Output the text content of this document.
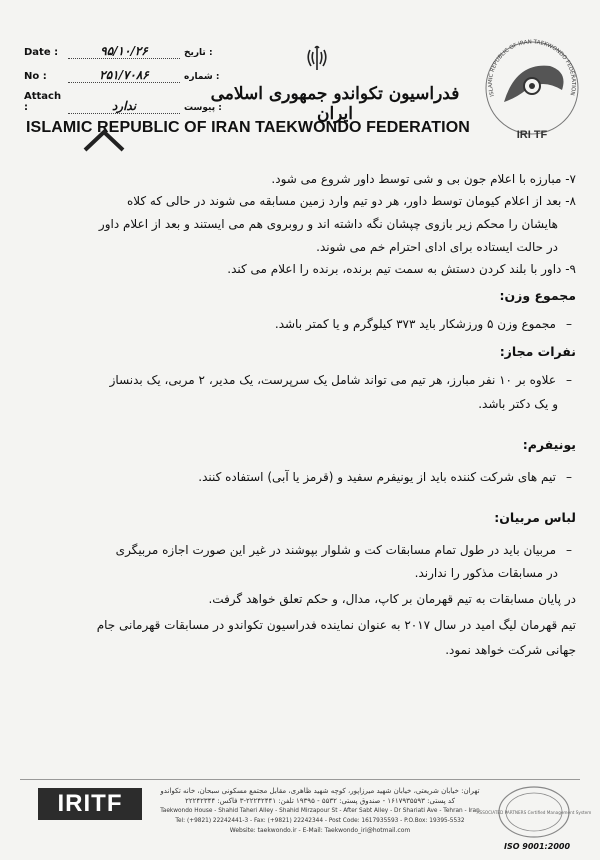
Date :	۹۵/۱۰/۲۶	تاریخ :
No :	۲۵۱/۷۰۸۶	شماره :
Attach :	ندارد	پیوست :
فدراسیون تکواندو جمهوری اسلامی ایران
ISLAMIC REPUBLIC OF IRAN TAEKWONDO FEDERATION
ISLAMIC REPUBLIC OF IRAN TAEKWONDO FEDERATION
IRI TF

۷- مبارزه با اعلام جون بی و شی توسط داور شروع می شود.

۸- بعد از اعلام کیومان توسط داور، هر دو تیم وارد زمین مسابقه می شوند در حالی که کلاه

هایشان را محکم زیر بازوی چپشان نگه داشته اند و روبروی هم می ایستند و بعد از اعلام داور

در حالت ایستاده برای ادای احترام خم می شوند.

۹- داور با بلند کردن دستش به سمت تیم برنده، برنده را اعلام می کند.

مجموع وزن:

– مجموع وزن ۵ ورزشکار باید ۳۷۳ کیلوگرم و یا کمتر باشد.

نفرات مجاز:

– علاوه بر ۱۰ نفر مبارز، هر تیم می تواند شامل یک سرپرست، یک مدیر، ۲ مربی، یک بدنساز

و یک دکتر باشد.

یونیفرم:

– تیم های شرکت کننده باید از یونیفرم سفید و (قرمز یا آبی) استفاده کنند.

لباس مربیان:

– مربیان باید در طول تمام مسابقات کت و شلوار بپوشند در غیر این صورت اجازه مربیگری

در مسابقات مذکور را ندارند.

در پایان مسابقات به تیم قهرمان بر کاپ، مدال، و حکم تعلق خواهد گرفت.

تیم قهرمان لیگ امید در سال ۲۰۱۷ به عنوان نماینده فدراسیون تکواندو در مسابقات قهرمانی جام

جهانی شرکت خواهد نمود.

IRITF	تهران: خیابان شریعتی، خیابان شهید میرزاپور، کوچه شهید ظاهری، مقابل مجتمع مسکونی سبحان، خانه تکواندو
کد پستی: ۱۶۱۷۹۳۵۵۹۳ - صندوق پستی: ۵۵۳۲ - ۱۹۳۹۵ تلفن: ۲۲۲۴۲۴۴۱-۳ فاکس: ۲۲۲۴۲۳۴۴
Taekwondo House - Shahid Taheri Alley - Shahid Mirzapour St - After Sabt Alley - Dr Shariati Ave - Tehran - Iran
Tel: (+9821) 22242441-3 - Fax: (+9821) 22242344 - Post Code: 1617935593 - P.O.Box: 19395-5532
Website: taekwondo.ir - E-Mail: Taekwondo_iri@hotmail.com
ASSOCIATED PARTNERS Certified Management System
ISO 9001:2000
